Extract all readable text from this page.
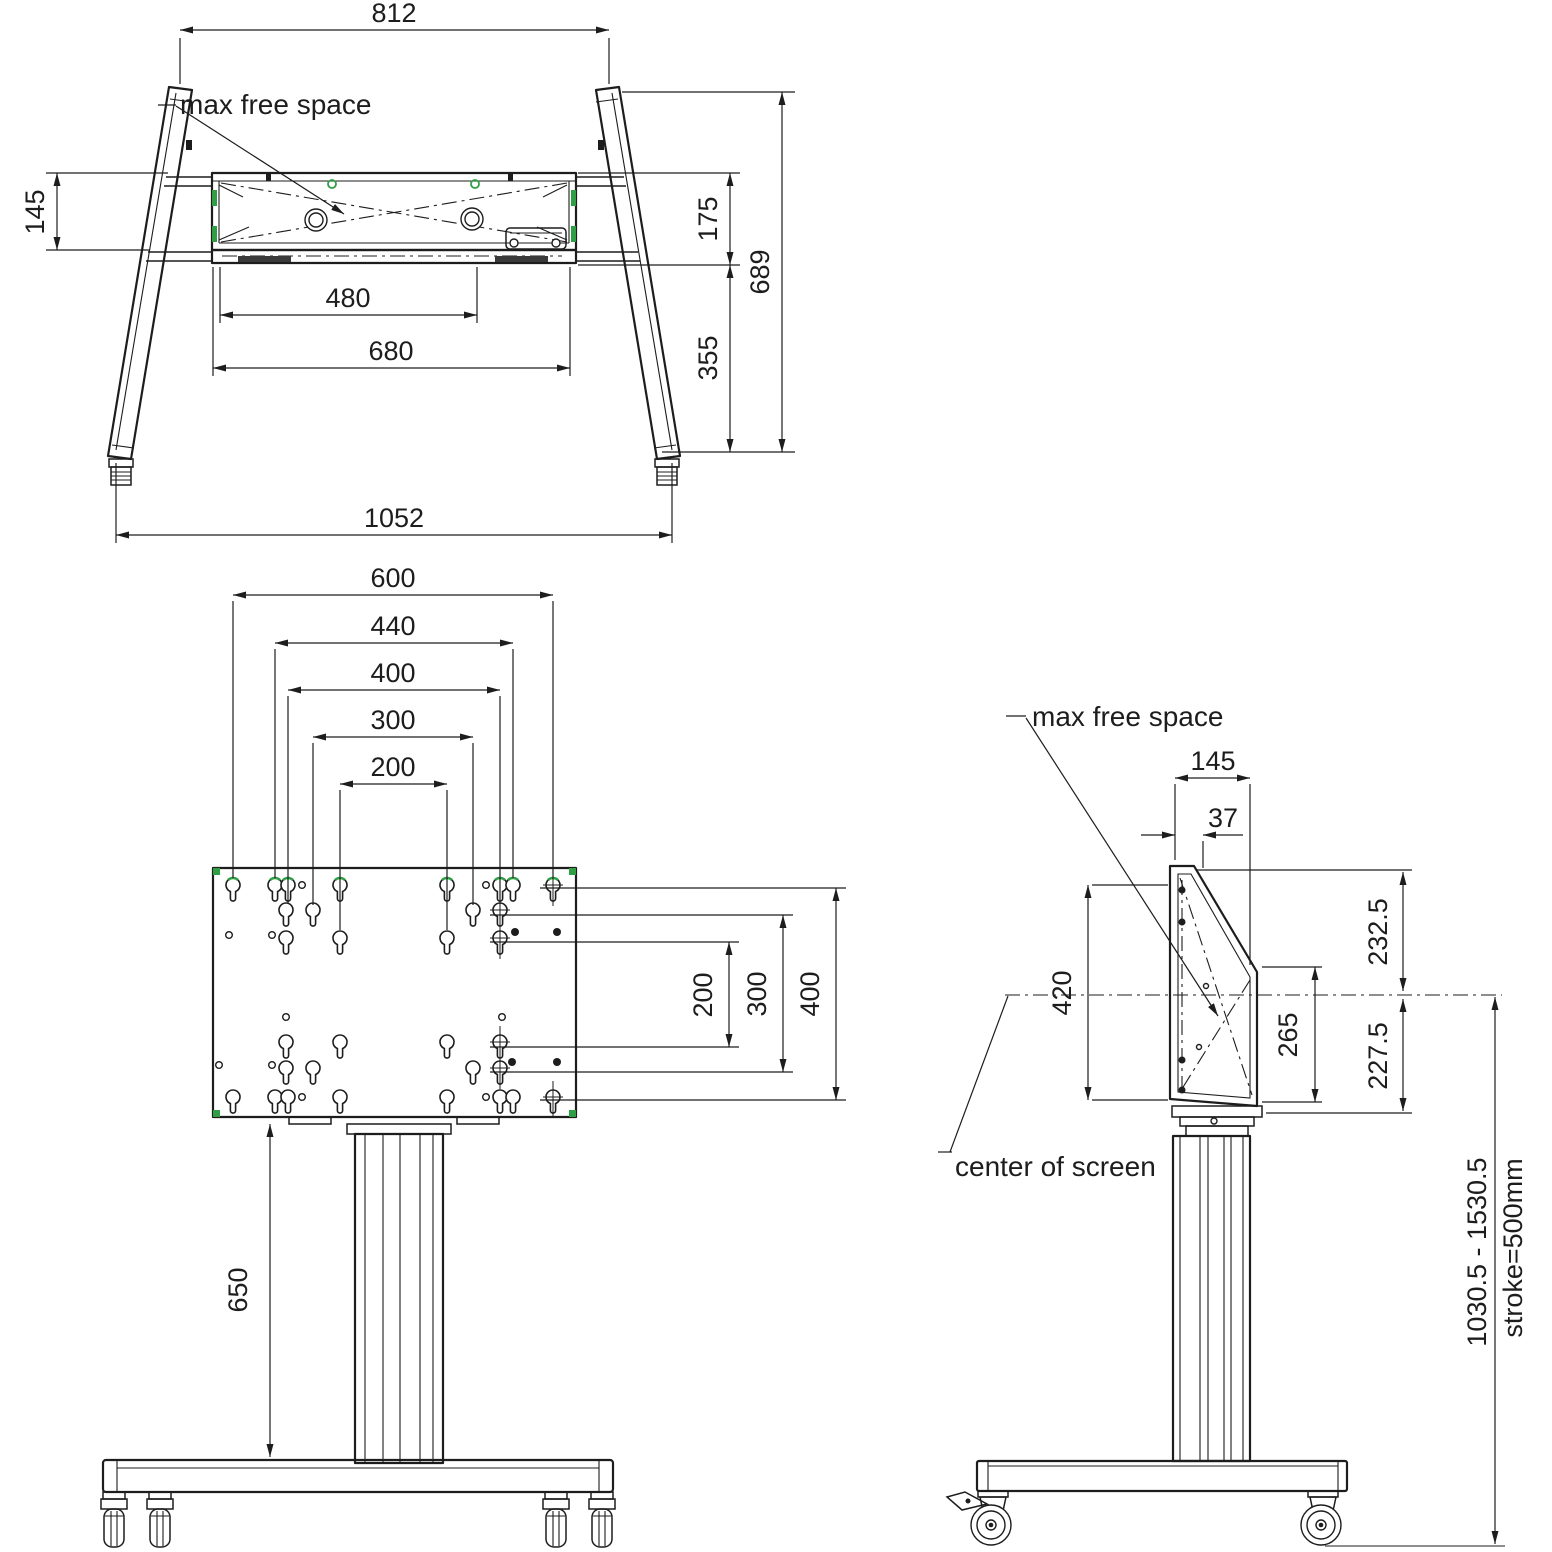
812
145
max free space
480
680
1052
175
355
689
600
440
400
300
200
200 300 400
650
max free space
145
37
420
232.5
227.5
265
1030.5 - 1530.5 stroke=500mm
center of screen
